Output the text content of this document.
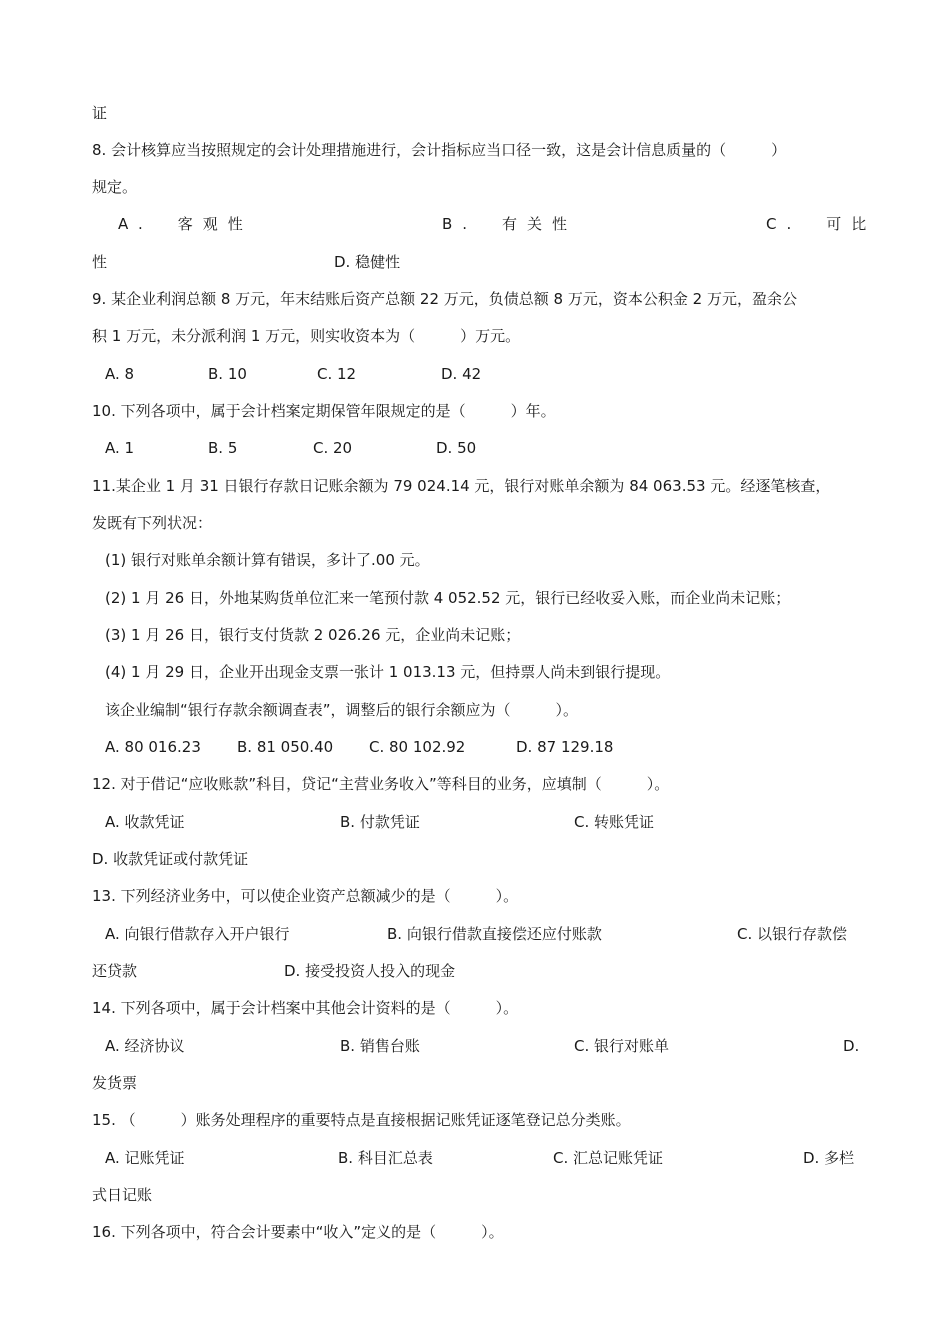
证
8. 会计核算应当按照规定的会计处理措施进行，会计指标应当口径一致，这是会计信息质量的（　　　）
规定。
A.　客观性	B.　有关性	C.　可比
性	D. 稳健性
9. 某企业利润总额 8 万元，年末结账后资产总额 22 万元，负债总额 8 万元，资本公积金 2 万元，盈余公
积 1 万元，未分派利润 1 万元，则实收资本为（　　　）万元。
A. 8	B. 10	C. 12	D. 42
10. 下列各项中，属于会计档案定期保管年限规定的是（　　　）年。
A. 1	B. 5	C. 20	D. 50
11.某企业 1 月 31 日银行存款日记账余额为 79 024.14 元，银行对账单余额为 84 063.53 元。经逐笔核查，
发既有下列状况：
(1) 银行对账单余额计算有错误，多计了.00 元。
(2) 1 月 26 日，外地某购货单位汇来一笔预付款 4 052.52 元，银行已经收妥入账，而企业尚未记账；
(3) 1 月 26 日，银行支付货款 2 026.26 元，企业尚未记账；
(4) 1 月 29 日，企业开出现金支票一张计 1 013.13 元，但持票人尚未到银行提现。
该企业编制“银行存款余额调查表”，调整后的银行余额应为（　　　）。
A. 80 016.23 B. 81 050.40 C. 80 102.92	D. 87 129.18
12. 对于借记“应收账款”科目，贷记“主营业务收入”等科目的业务，应填制（　　　）。
A. 收款凭证	B. 付款凭证	C. 转账凭证
D. 收款凭证或付款凭证
13. 下列经济业务中，可以使企业资产总额减少的是（　　　）。
A. 向银行借款存入开户银行	B. 向银行借款直接偿还应付账款	C. 以银行存款偿
还贷款	D. 接受投资人投入的现金
14. 下列各项中，属于会计档案中其他会计资料的是（　　　）。
A. 经济协议	B. 销售台账	C. 银行对账单	D.
发货票
15. （　　　）账务处理程序的重要特点是直接根据记账凭证逐笔登记总分类账。
A. 记账凭证	B. 科目汇总表	C. 汇总记账凭证	D. 多栏
式日记账
16. 下列各项中，符合会计要素中“收入”定义的是（　　　）。
